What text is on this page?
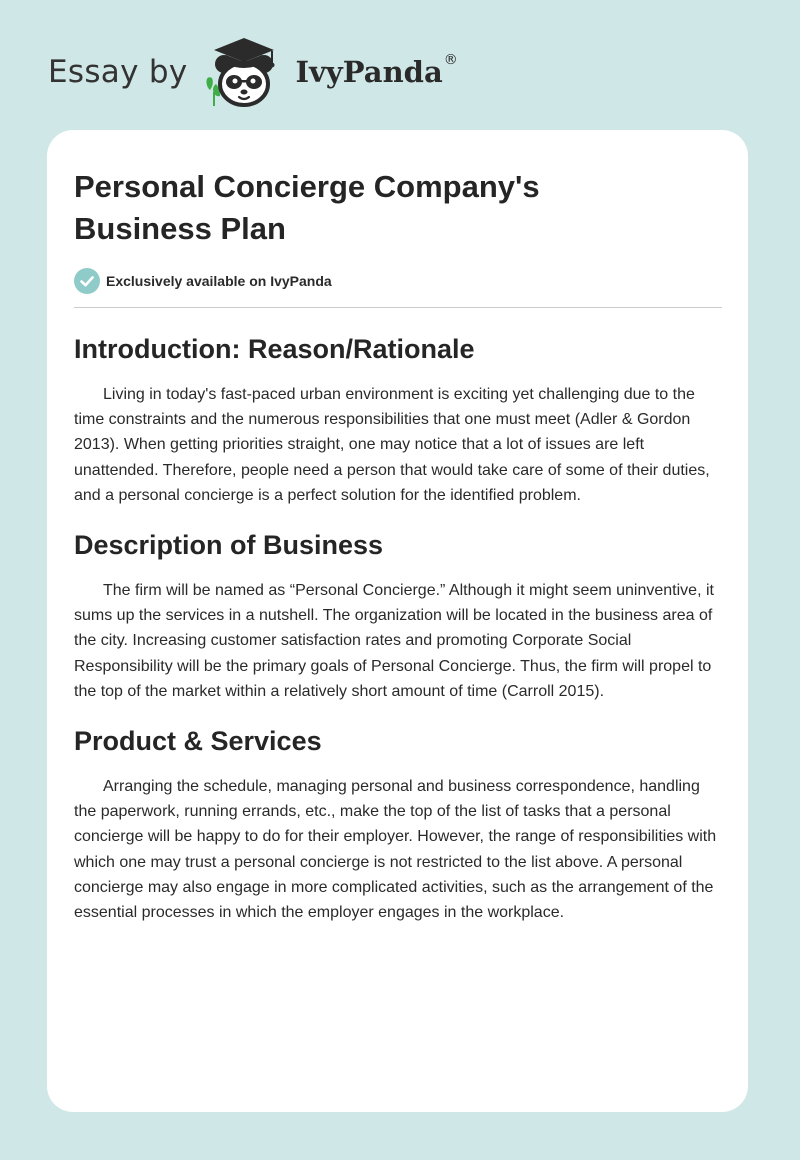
Essay by	IvyPanda ®
Personal Concierge Company's Business Plan
Exclusively available on IvyPanda
Introduction: Reason/Rationale

Living in today's fast-paced urban environment is exciting yet challenging due to the time constraints and the numerous responsibilities that one must meet (Adler & Gordon 2013). When getting priorities straight, one may notice that a lot of issues are left unattended. Therefore, people need a person that would take care of some of their duties, and a personal concierge is a perfect solution for the identified problem.

Description of Business

The firm will be named as “Personal Concierge.” Although it might seem uninventive, it sums up the services in a nutshell. The organization will be located in the business area of the city. Increasing customer satisfaction rates and promoting Corporate Social Responsibility will be the primary goals of Personal Concierge. Thus, the firm will propel to the top of the market within a relatively short amount of time (Carroll 2015).

Product & Services

Arranging the schedule, managing personal and business correspondence, handling the paperwork, running errands, etc., make the top of the list of tasks that a personal concierge will be happy to do for their employer. However, the range of responsibilities with which one may trust a personal concierge is not restricted to the list above. A personal concierge may also engage in more complicated activities, such as the arrangement of the essential processes in which the employer engages in the workplace.
